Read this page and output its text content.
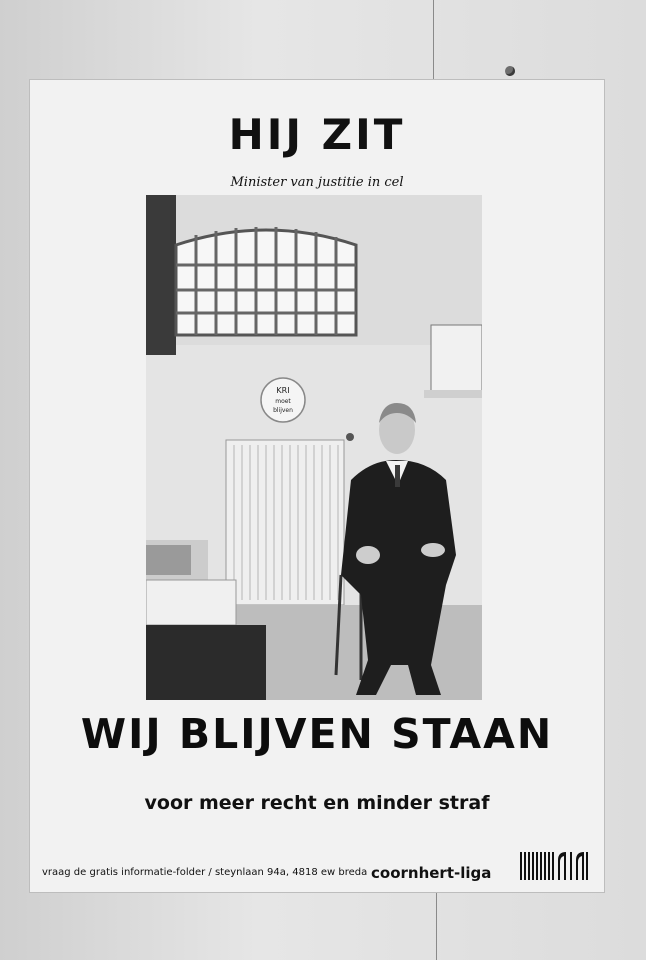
HIJ ZIT
Minister van justitie in cel
KRI
moet
blijven
WIJ BLIJVEN STAAN
voor meer recht en minder straf
vraag de gratis informatie-folder / steynlaan 94a, 4818 ew breda coornhert-liga
